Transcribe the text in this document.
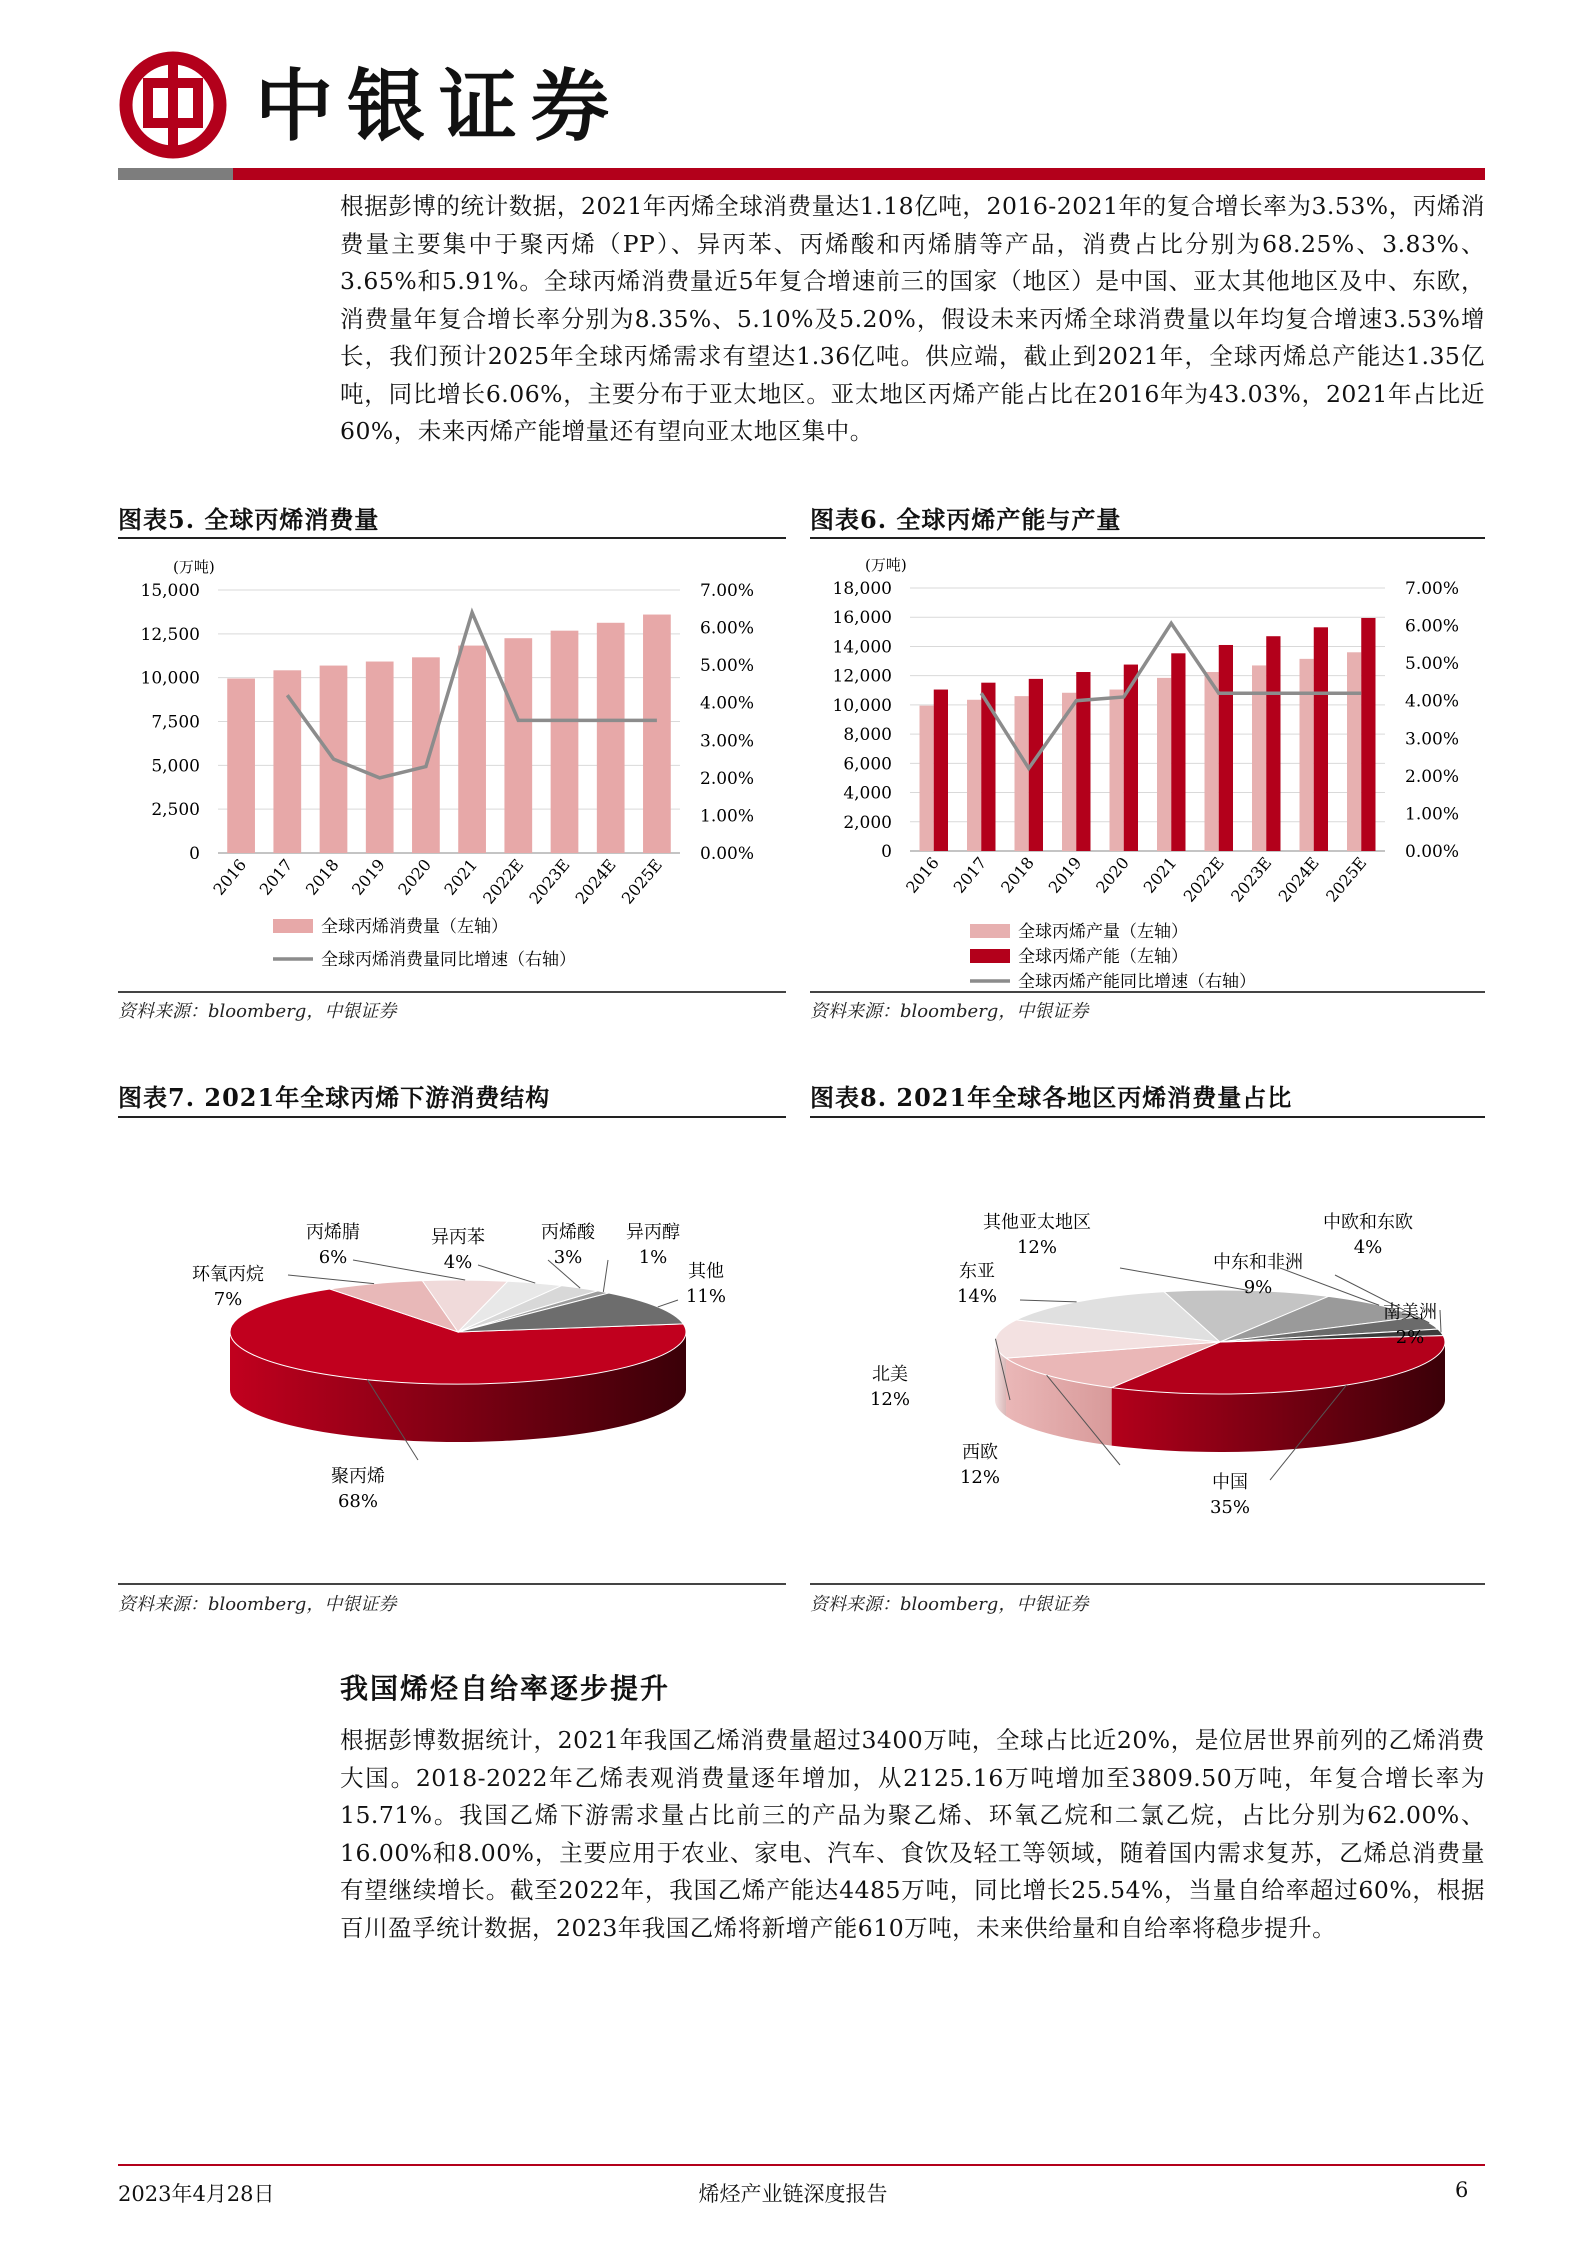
中银证券

根据彭博的统计数据，2021年丙烯全球消费量达1.18亿吨，2016-2021年的复合增长率为3.53%，丙烯消费量主要集中于聚丙烯（PP）、异丙苯、丙烯酸和丙烯腈等产品，消费占比分别为68.25%、3.83%、3.65%和5.91%。全球丙烯消费量近5年复合增速前三的国家（地区）是中国、亚太其他地区及中、东欧，消费量年复合增长率分别为8.35%、5.10%及5.20%，假设未来丙烯全球消费量以年均复合增速3.53%增长，我们预计2025年全球丙烯需求有望达1.36亿吨。供应端，截止到2021年，全球丙烯总产能达1.35亿吨，同比增长6.06%，主要分布于亚太地区。亚太地区丙烯产能占比在2016年为43.03%，2021年占比近60%，未来丙烯产能增量还有望向亚太地区集中。

图表5. 全球丙烯消费量
(万吨)
0
2,500
5,000
7,500
10,000
12,500
15,000
0.00%
1.00%
2.00%
3.00%
4.00%
5.00%
6.00%
7.00%
2016 2017 2018 2019 2020 2021
2022E
2023E
2024E
2025E
全球丙烯消费量（左轴）
全球丙烯消费量同比增速（右轴）
资料来源：bloomberg，中银证券
图表6. 全球丙烯产能与产量
(万吨)
0
2,000
4,000
6,000
8,000
10,000
12,000
14,000
16,000
18,000
0.00%
1.00%
2.00%
3.00%
4.00%
5.00%
6.00%
7.00%
2016 2017 2018 2019 2020 2021 2022E 2023E 2024E 2025E
全球丙烯产量（左轴）
全球丙烯产能（左轴）
全球丙烯产能同比增速（右轴）
资料来源：bloomberg，中银证券
图表7. 2021年全球丙烯下游消费结构
聚丙烯
68%
环氧丙烷
7%
丙烯腈
6%
异丙苯
4%
丙烯酸
3%
异丙醇
1%
其他
11%
资料来源：bloomberg，中银证券
图表8. 2021年全球各地区丙烯消费量占比
中国
35%
西欧
12%
北美
12%
东亚
14%
其他亚太地区
12%
中东和非洲
9%
中欧和东欧
4%
南美洲
2%
资料来源：bloomberg，中银证券
我国烯烃自给率逐步提升

根据彭博数据统计，2021年我国乙烯消费量超过3400万吨，全球占比近20%，是位居世界前列的乙烯消费大国。2018-2022年乙烯表观消费量逐年增加，从2125.16万吨增加至3809.50万吨，年复合增长率为15.71%。我国乙烯下游需求量占比前三的产品为聚乙烯、环氧乙烷和二氯乙烷，占比分别为62.00%、16.00%和8.00%，主要应用于农业、家电、汽车、食饮及轻工等领域，随着国内需求复苏，乙烯总消费量有望继续增长。截至2022年，我国乙烯产能达4485万吨，同比增长25.54%，当量自给率超过60%，根据百川盈孚统计数据，2023年我国乙烯将新增产能610万吨，未来供给量和自给率将稳步提升。

2023年4月28日	烯烃产业链深度报告	6
